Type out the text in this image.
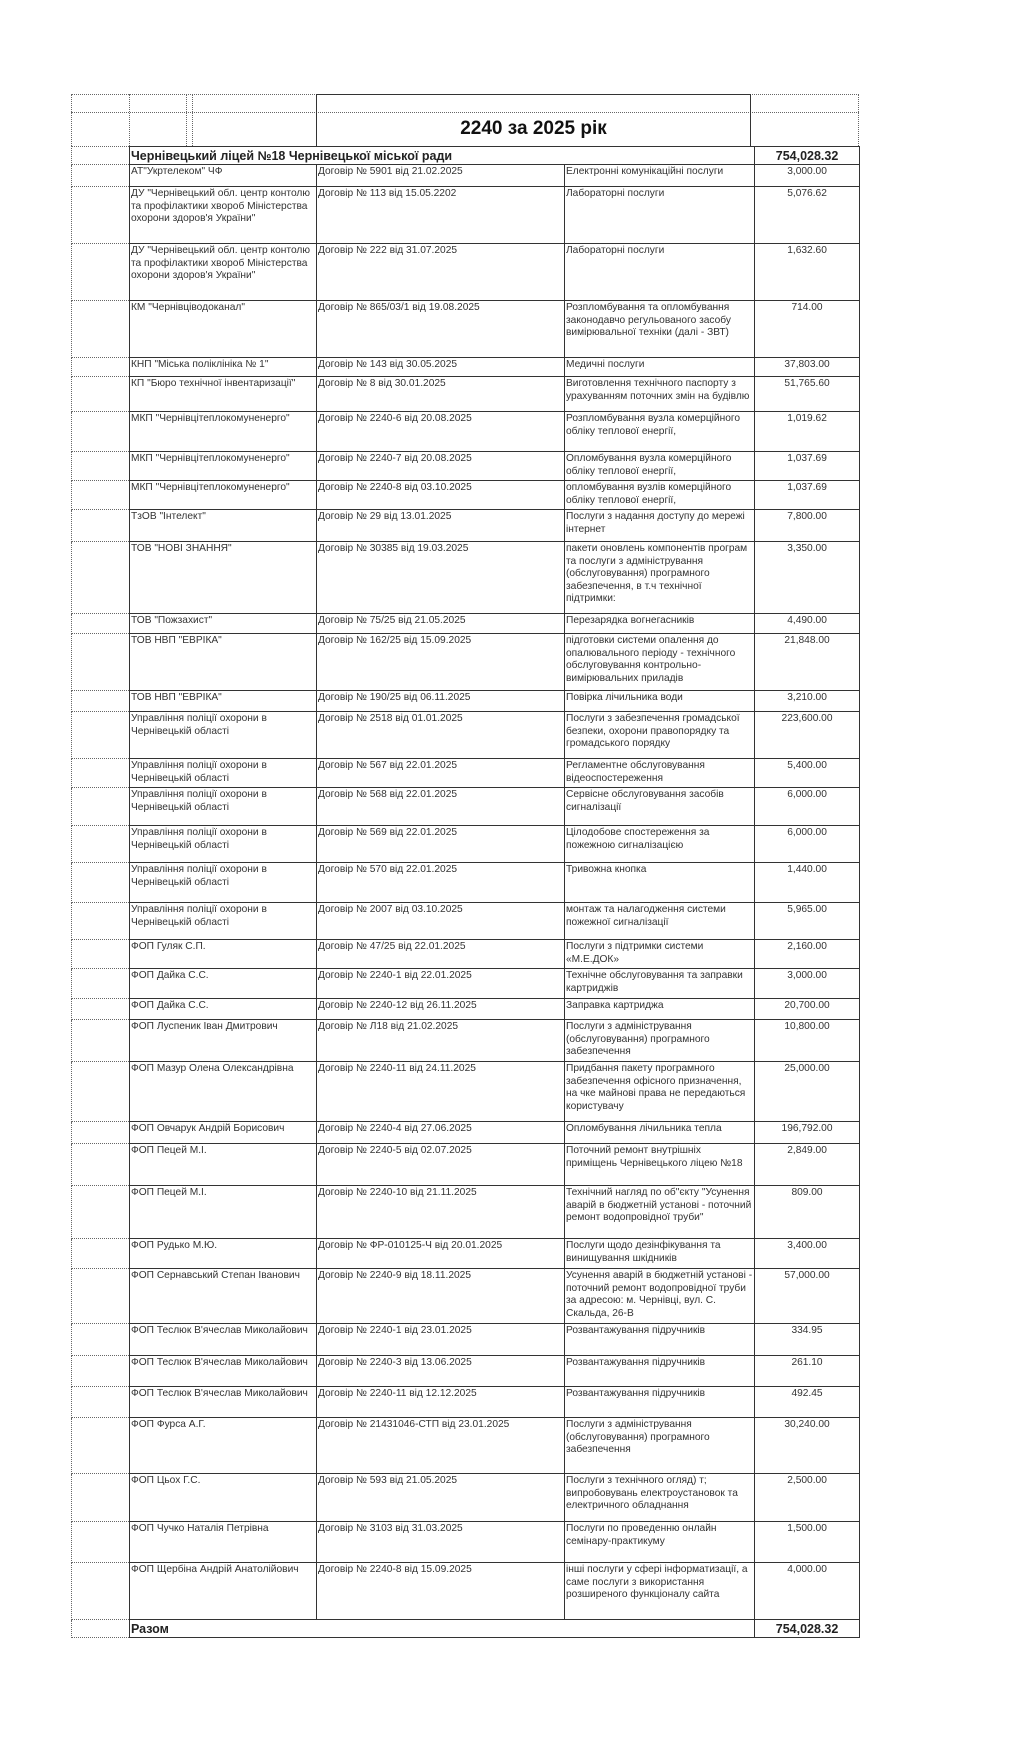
2240 за 2025 рік
	Чернівецький ліцей №18 Чернівецької міської ради			754,028.32
	АТ"Укртелеком" ЧФ	Договір № 5901 від 21.02.2025	Електронні комунікаційні послуги	3,000.00
	ДУ "Чернівецький обл. центр контолю та профілактики хвороб Міністерства охорони здоров'я України"	Договір № 113 від 15.05.2202	Лабораторні послуги	5,076.62
	ДУ "Чернівецький обл. центр контолю та профілактики хвороб Міністерства охорони здоров'я України"	Договір № 222 від 31.07.2025	Лабораторні послуги	1,632.60
	КМ "Чернівціводоканал"	Договір № 865/03/1 від 19.08.2025	Розпломбування та опломбування законодавчо регульованого засобу вимірювальної техніки (далі - ЗВТ)	714.00
	КНП "Міська поліклініка № 1"	Договір № 143 від 30.05.2025	Медичні послуги	37,803.00
	КП "Бюро технічної інвентаризації"	Договір № 8 від 30.01.2025	Виготовлення технічного паспорту з урахуванням поточних змін на будівлю	51,765.60
	МКП "Чернівцітеплокомуненерго"	Договір № 2240-6 від 20.08.2025	Розпломбування вузла комерційного обліку теплової енергії,	1,019.62
	МКП "Чернівцітеплокомуненерго"	Договір № 2240-7 від 20.08.2025	Опломбування вузла комерційного обліку теплової енергії,	1,037.69
	МКП "Чернівцітеплокомуненерго"	Договір № 2240-8 від 03.10.2025	опломбування вузлів комерційного обліку теплової енергії,	1,037.69
	ТзОВ "Інтелект"	Договір № 29 від 13.01.2025	Послуги з надання доступу до мережі інтернет	7,800.00
	ТОВ "НОВІ ЗНАННЯ"	Договір № 30385 від 19.03.2025	пакети оновлень компонентів програм та послуги з адміністрування (обслуговування) програмного забезпечення, в т.ч технічної підтримки:	3,350.00
	ТОВ "Пожзахист"	Договір № 75/25 від 21.05.2025	Перезарядка вогнегасників	4,490.00
	ТОВ НВП "ЕВРІКА"	Договір № 162/25 від 15.09.2025	підготовки системи опалення до опалювального періоду - технічного обслуговування контрольно-вимірювальних приладів	21,848.00
	ТОВ НВП "ЕВРІКА"	Договір № 190/25 від 06.11.2025	Повірка лічильника води	3,210.00
	Управління поліції охорони в Чернівецькій області	Договір № 2518 від 01.01.2025	Послуги з забезпечення громадської безпеки, охорони правопорядку та громадського порядку	223,600.00
	Управління поліції охорони в Чернівецькій області	Договір № 567 від 22.01.2025	Регламентне обслуговування відеоспостереження	5,400.00
	Управління поліції охорони в Чернівецькій області	Договір № 568 від 22.01.2025	Сервісне обслуговування засобів сигналізації	6,000.00
	Управління поліції охорони в Чернівецькій області	Договір № 569 від 22.01.2025	Цілодобове спостереження за пожежною сигналізацією	6,000.00
	Управління поліції охорони в Чернівецькій області	Договір № 570 від 22.01.2025	Тривожна кнопка	1,440.00
	Управління поліції охорони в Чернівецькій області	Договір № 2007 від 03.10.2025	монтаж та налагодження системи пожежної сигналізації	5,965.00
	ФОП Гуляк С.П.	Договір № 47/25 від 22.01.2025	Послуги з підтримки системи «М.Е.ДОК»	2,160.00
	ФОП Дайка С.С.	Договір № 2240-1 від 22.01.2025	Технічне обслуговування та заправки картриджів	3,000.00
	ФОП Дайка С.С.	Договір № 2240-12 від 26.11.2025	Заправка картриджа	20,700.00
	ФОП Луспеник Іван Дмитрович	Договір № Л18 від 21.02.2025	Послуги з адміністрування (обслуговування) програмного забезпечення	10,800.00
	ФОП Мазур Олена Олександрівна	Договір № 2240-11 від 24.11.2025	Придбання пакету програмного забезпечення офісного призначення, на чке майнові права не передаються користувачу	25,000.00
	ФОП Овчарук Андрій Борисович	Договір № 2240-4 від 27.06.2025	Опломбування лічильника тепла	196,792.00
	ФОП Пецей М.І.	Договір № 2240-5 від 02.07.2025	Поточний ремонт внутрішніх приміщень Чернівецького ліцею №18	2,849.00
	ФОП Пецей М.І.	Договір № 2240-10 від 21.11.2025	Технічний нагляд по об"єкту "Усунення аварій в бюджетній установі - поточний ремонт водопровідної труби"	809.00
	ФОП Рудько М.Ю.	Договір № ФР-010125-Ч від 20.01.2025	Послуги щодо дезінфікування та винищування шкідників	3,400.00
	ФОП Сернавський Степан Іванович	Договір № 2240-9 від 18.11.2025	Усунення аварій в бюджетній установі - поточний ремонт водопровідної труби за адресою: м. Чернівці, вул. С. Скальда, 26-В	57,000.00
	ФОП Теслюк В'ячеслав Миколайович	Договір № 2240-1 від 23.01.2025	Розвантажування підручників	334.95
	ФОП Теслюк В'ячеслав Миколайович	Договір № 2240-3 від 13.06.2025	Розвантажування підручників	261.10
	ФОП Теслюк В'ячеслав Миколайович	Договір № 2240-11 від 12.12.2025	Розвантажування підручників	492.45
	ФОП Фурса А.Г.	Договір № 21431046-СТП від 23.01.2025	Послуги з адміністрування (обслуговування) програмного забезпечення	30,240.00
	ФОП Цьох Г.С.	Договір № 593 від 21.05.2025	Послуги з технічного огляд) т; випробовувань електроустановок та електричного обладнання	2,500.00
	ФОП Чучко Наталія Петрівна	Договір № 3103 від 31.03.2025	Послуги по проведенню онлайн семінару-практикуму	1,500.00
	ФОП Щербіна Андрій Анатолійович	Договір № 2240-8 від 15.09.2025	інші послуги у сфері інформатизації, а саме послуги з використання розширеного функціоналу сайта	4,000.00
	Разом			754,028.32
